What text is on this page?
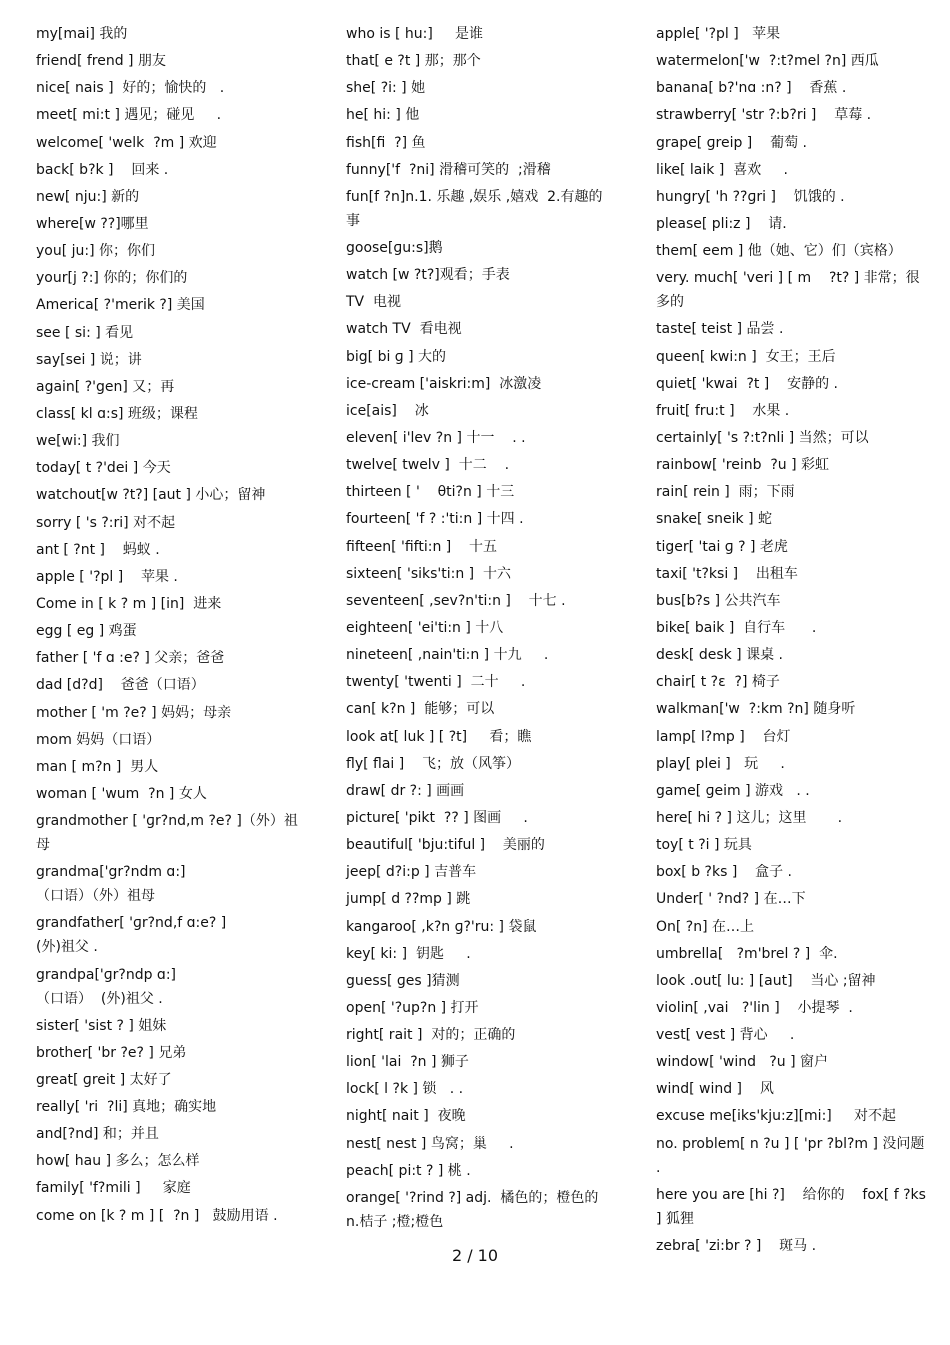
my[mai] 我的
friend[ frend ] 朋友
nice[ nais ]  好的；愉快的   .
meet[ mi:t ] 遇见；碰见     .
welcome[ 'welk  ?m ] 欢迎
back[ b?k ]    回来 .
new[ nju:] 新的
where[w ??]哪里
you[ ju:] 你；你们
your[j ?:] 你的；你们的
America[ ?'merik ?] 美国
see [ si: ] 看见
say[sei ] 说；讲
again[ ?'gen] 又；再
class[ kl ɑ:s] 班级；课程
we[wi:] 我们
today[ t ?'dei ] 今天
watchout[w ?t?] [aut ] 小心；留神
sorry [ 's ?:ri] 对不起
ant [ ?nt ]    蚂蚁 .
apple [ '?pl ]    苹果 .
Come in [ k ? m ] [in]  进来
egg [ eg ] 鸡蛋
father [ 'f ɑ :e? ] 父亲；爸爸
dad [d?d]    爸爸（口语）
mother [ 'm ?e? ] 妈妈；母亲
mom 妈妈（口语）
man [ m?n ]  男人
woman [ 'wum  ?n ] 女人
grandmother [ 'ɡr?nd,m ?e? ]（外）祖母
grandma['gr?ndm ɑ:]
（口语）（外）祖母
grandfather[ 'ɡr?nd,f ɑ:e? ]
(外)祖父 .
grandpa['ɡr?ndp ɑ:]
（口语）  (外)祖父 .
sister[ 'sist ? ] 姐妹
brother[ 'br ?e? ] 兄弟
great[ ɡreit ] 太好了
really[ 'ri  ?li] 真地；确实地
and[?nd] 和；并且
how[ hau ] 多么；怎么样
family[ 'f?mili ]     家庭
come on [k ? m ] [  ?n ]   鼓励用语 .
who is [ hu:]     是谁
that[ e ?t ] 那；那个
she[ ?i: ] 她
he[ hi: ] 他
fish[fi  ?] 鱼
funny['f  ?ni] 滑稽可笑的  ;滑稽
fun[f ?n]n.1. 乐趣 ,娱乐 ,嬉戏  2.有趣的事
goose[ɡu:s]鹅
watch [w ?t?]观看；手表
TV  电视
watch TV  看电视
big[ bi ɡ ] 大的
ice-cream ['aiskri:m]  冰激凌
ice[ais]    冰
eleven[ i'lev ?n ] 十一    . .
twelve[ twelv ]  十二    .
thirteen [ '    θti?n ] 十三
fourteen[ 'f ? :'ti:n ] 十四 .
fifteen[ 'fifti:n ]    十五
sixteen[ 'siks'ti:n ]  十六
seventeen[ ,sev?n'ti:n ]    十七 .
eighteen[ 'ei'ti:n ] 十八
nineteen[ ,nain'ti:n ] 十九     .
twenty[ 'twenti ]  二十     .
can[ k?n ]  能够；可以
look at[ luk ] [ ?t]     看；瞧
fly[ flai ]    飞；放（风筝）
draw[ dr ?: ] 画画
picture[ 'pikt  ?? ] 图画     .
beautiful[ 'bju:tiful ]    美丽的
jeep[ d?i:p ] 吉普车
jump[ d ??mp ] 跳
kangaroo[ ,k?n ɡ?'ru: ] 袋鼠
key[ ki: ]  钥匙     .
guess[ ɡes ]猜测
open[ '?up?n ] 打开
right[ rait ]  对的；正确的
lion[ 'lai  ?n ] 狮子
lock[ l ?k ] 锁   . .
night[ nait ]  夜晚
nest[ nest ] 鸟窝；巢     .
peach[ pi:t ? ] 桃 .
orange[ '?rind ?] adj.  橘色的；橙色的
n.桔子 ;橙;橙色
apple[ '?pl ]   苹果
watermelon['w  ?:t?mel ?n] 西瓜
banana[ b?'nɑ :n? ]    香蕉 .
strawberry[ 'str ?:b?ri ]    草莓 .
grape[ ɡreip ]    葡萄 .
like[ laik ]  喜欢     .
hungry[ 'h ??ɡri ]    饥饿的 .
please[ pli:z ]    请.
them[ eem ] 他（她、它）们（宾格）
very. much[ 'veri ] [ m    ?t? ] 非常；很多的
taste[ teist ] 品尝 .
queen[ kwi:n ]  女王；王后
quiet[ 'kwai  ?t ]    安静的 .
fruit[ fru:t ]    水果 .
certainly[ 's ?:t?nli ] 当然；可以
rainbow[ 'reinb  ?u ] 彩虹
rain[ rein ]  雨；下雨
snake[ sneik ] 蛇
tiger[ 'tai ɡ ? ] 老虎
taxi[ 't?ksi ]    出租车
bus[b?s ] 公共汽车
bike[ baik ]  自行车      .
desk[ desk ] 课桌 .
chair[ t ?ɛ  ?] 椅子
walkman['w  ?:km ?n] 随身听
lamp[ l?mp ]    台灯
play[ plei ]   玩     .
game[ ɡeim ] 游戏   . .
here[ hi ? ] 这儿；这里       .
toy[ t ?i ] 玩具
box[ b ?ks ]    盒子 .
Under[ ' ?nd? ] 在…下
On[ ?n] 在…上
umbrella[   ?m'brel ? ]  伞.
look .out[ lu: ] [aut]    当心 ;留神
violin[ ,vai   ?'lin ]    小提琴  .
vest[ vest ] 背心     .
window[ 'wind   ?u ] 窗户
wind[ wind ]    风
excuse me[iks'kju:z][mi:]     对不起
no. problem[ n ?u ] [ 'pr ?bl?m ] 没问题     .
here you are [hi ?]    给你的    fox[ f ?ks ] 狐狸
zebra[ 'zi:br ? ]    斑马 .
2 / 10
